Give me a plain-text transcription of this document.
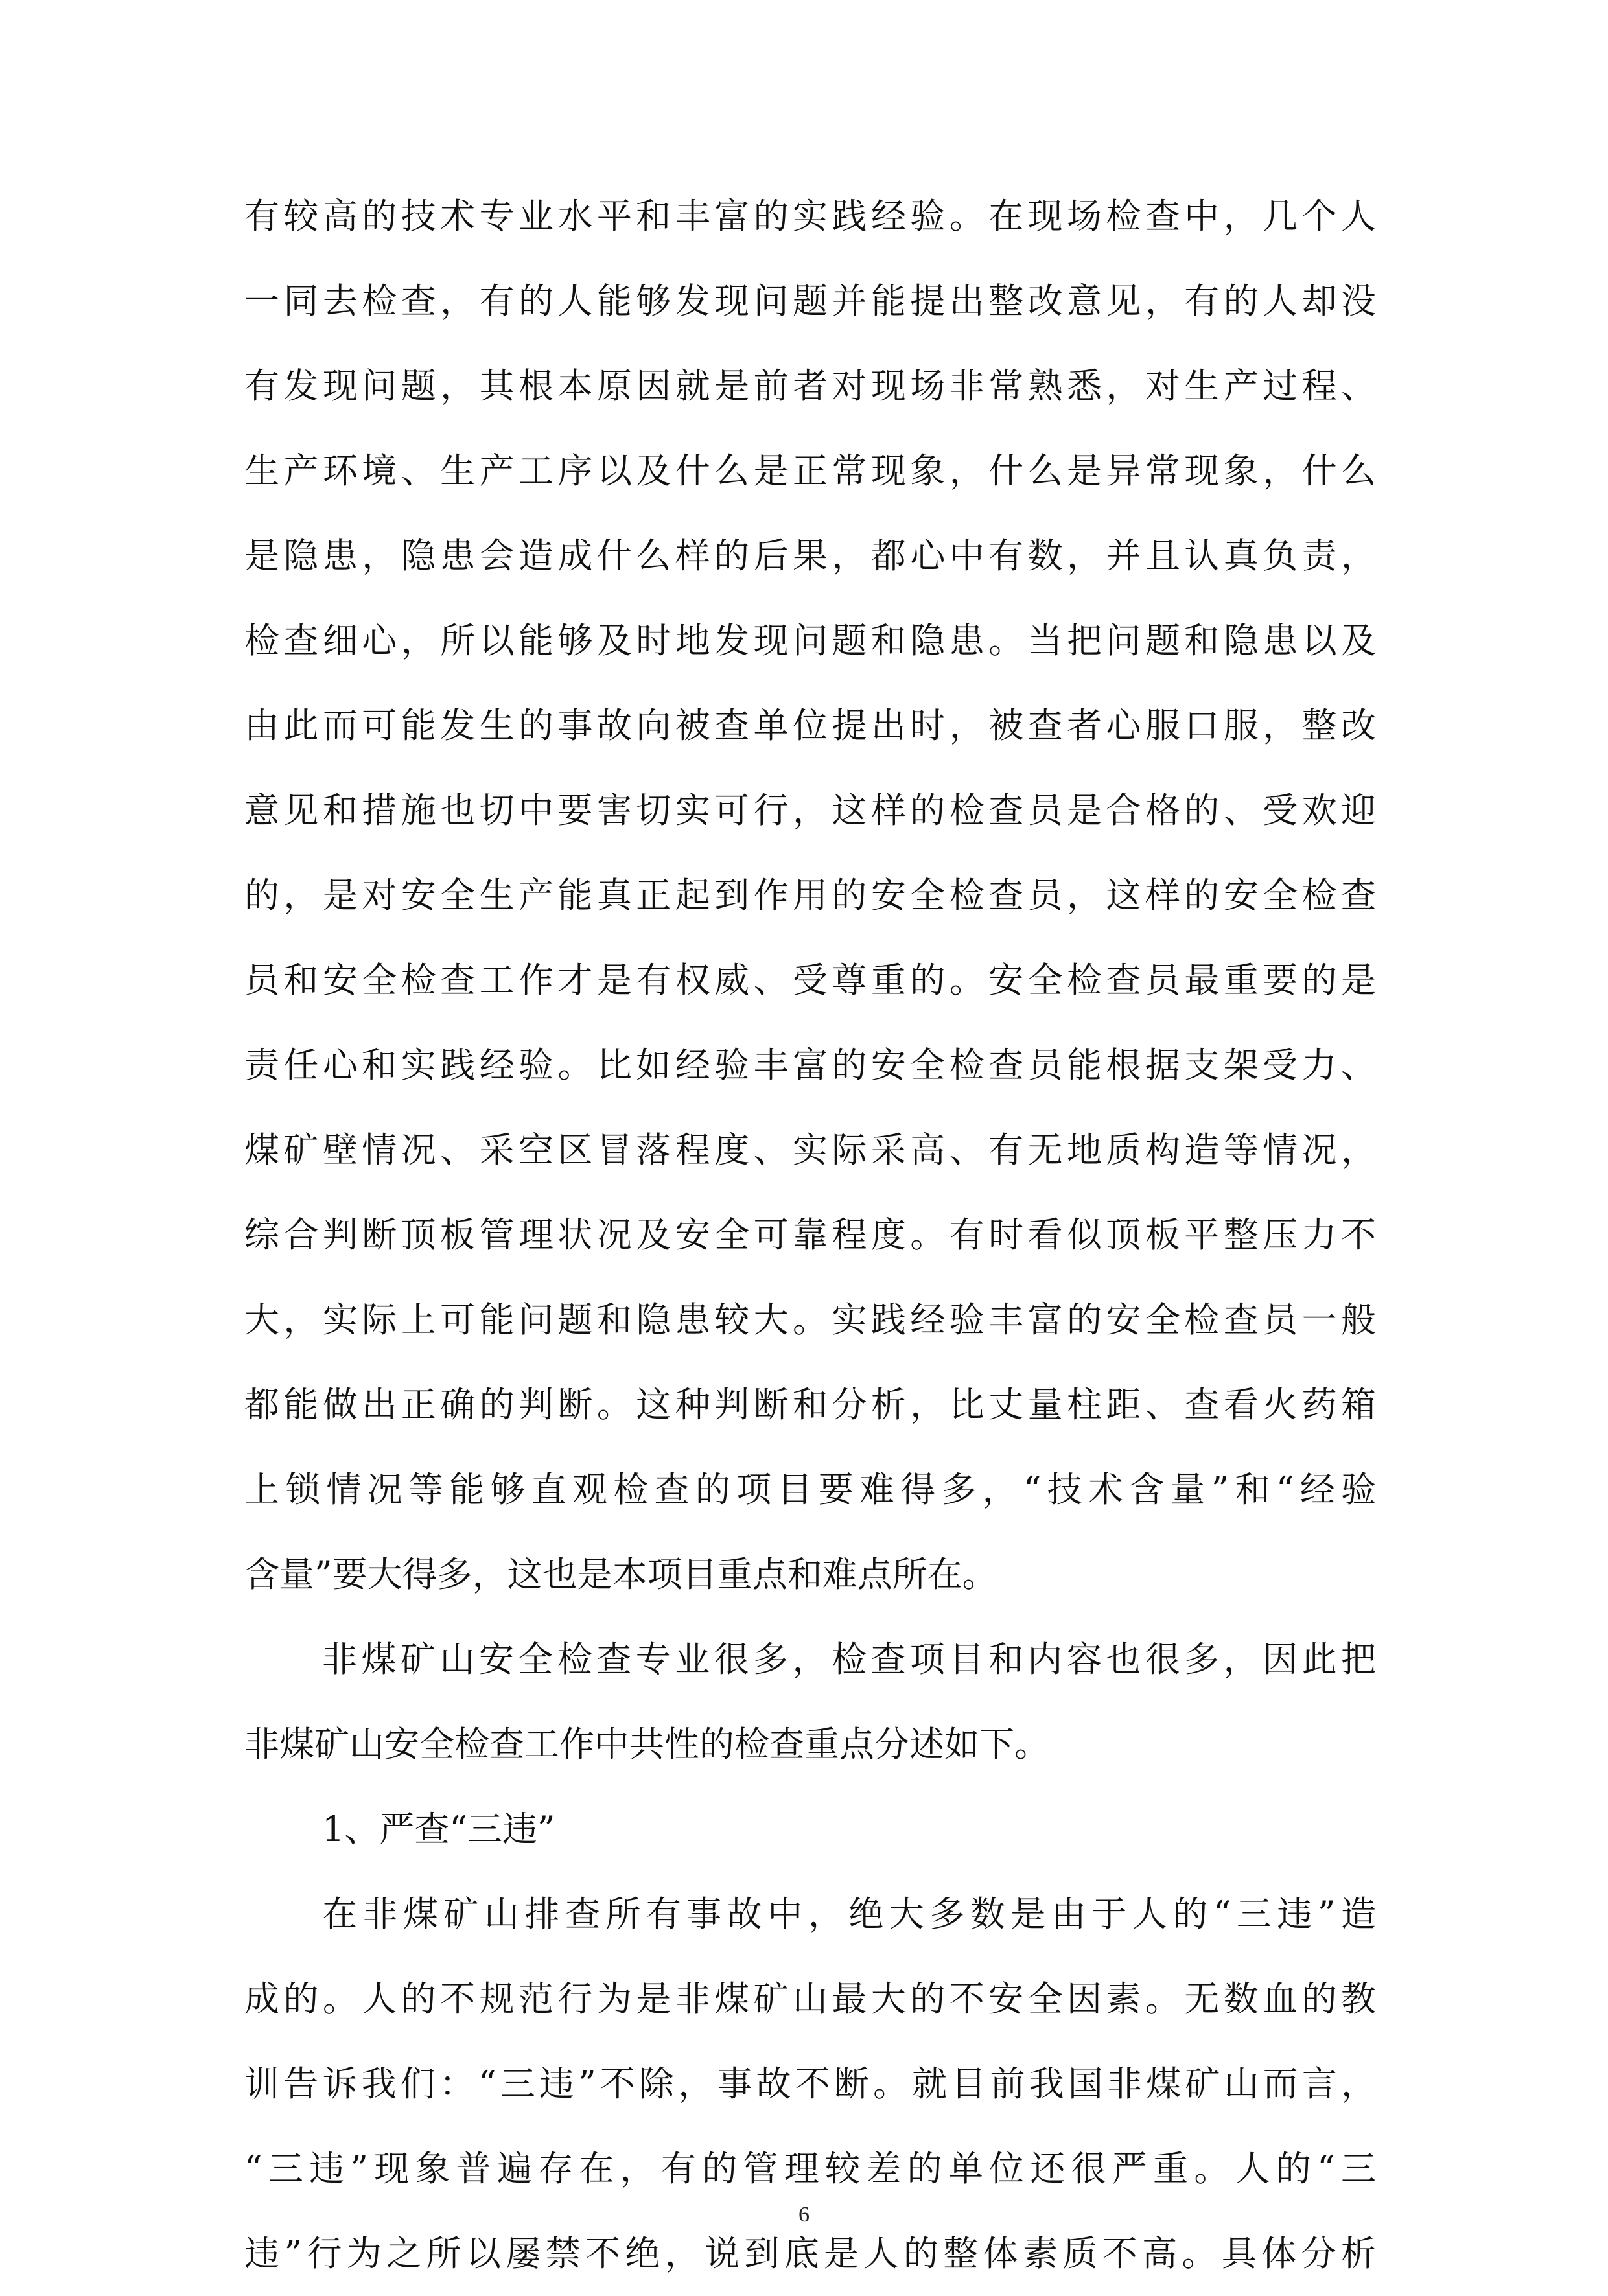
有较高的技术专业水平和丰富的实践经验。在现场检查中，几个人
一同去检查，有的人能够发现问题并能提出整改意见，有的人却没
有发现问题，其根本原因就是前者对现场非常熟悉，对生产过程、
生产环境、生产工序以及什么是正常现象，什么是异常现象，什么
是隐患，隐患会造成什么样的后果，都心中有数，并且认真负责，
检查细心，所以能够及时地发现问题和隐患。当把问题和隐患以及
由此而可能发生的事故向被查单位提出时，被查者心服口服，整改
意见和措施也切中要害切实可行，这样的检查员是合格的、受欢迎
的，是对安全生产能真正起到作用的安全检查员，这样的安全检查
员和安全检查工作才是有权威、受尊重的。安全检查员最重要的是
责任心和实践经验。比如经验丰富的安全检查员能根据支架受力、
煤矿壁情况、采空区冒落程度、实际采高、有无地质构造等情况，
综合判断顶板管理状况及安全可靠程度。有时看似顶板平整压力不
大，实际上可能问题和隐患较大。实践经验丰富的安全检查员一般
都能做出正确的判断。这种判断和分析，比丈量柱距、查看火药箱
上锁情况等能够直观检查的项目要难得多，“技术含量”和“经验
含量”要大得多，这也是本项目重点和难点所在。
非煤矿山安全检查专业很多，检查项目和内容也很多，因此把
非煤矿山安全检查工作中共性的检查重点分述如下。
1、严查“三违”
在非煤矿山排查所有事故中，绝大多数是由于人的“三违”造
成的。人的不规范行为是非煤矿山最大的不安全因素。无数血的教
训告诉我们：“三违”不除，事故不断。就目前我国非煤矿山而言，
“三违”现象普遍存在，有的管理较差的单位还很严重。人的“三
违”行为之所以屡禁不绝，说到底是人的整体素质不高。具体分析
6
